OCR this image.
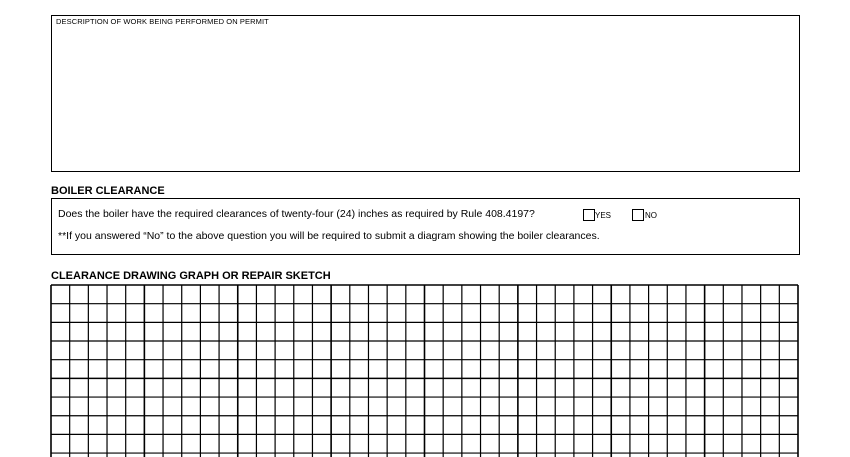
DESCRIPTION OF WORK BEING PERFORMED ON PERMIT
BOILER CLEARANCE
Does the boiler have the required clearances of twenty-four (24) inches as required by Rule 408.4197?	YES	NO
**If you answered “No” to the above question you will be required to submit a diagram showing the boiler clearances.
CLEARANCE DRAWING GRAPH OR REPAIR SKETCH
